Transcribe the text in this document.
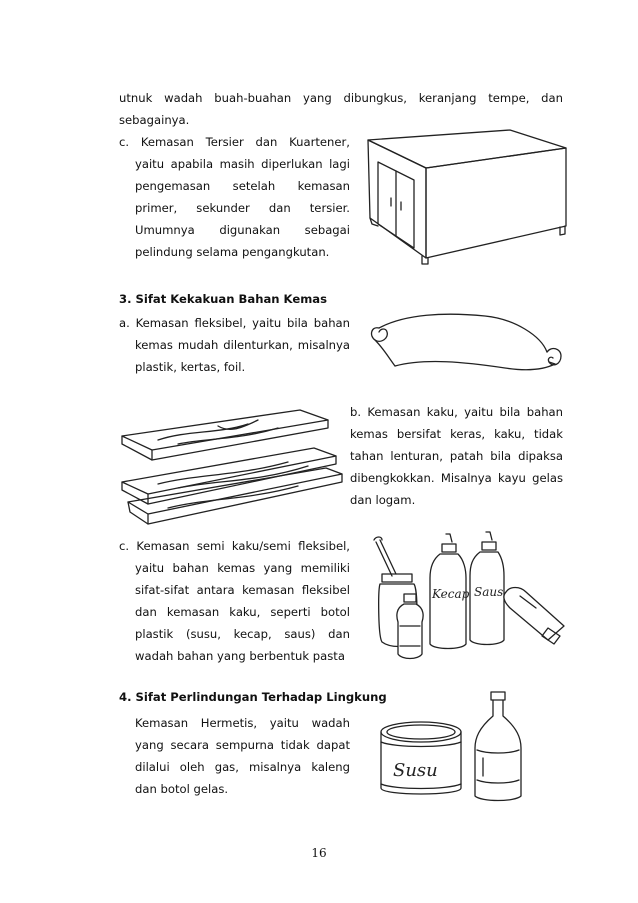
utnuk wadah buah-buahan yang dibungkus, keranjang tempe, dan
sebagainya.
c. Kemasan Tersier dan Kuartener,
yaitu apabila masih diperlukan lagi
pengemasan setelah kemasan
primer, sekunder dan tersier.
Umumnya digunakan sebagai
pelindung selama pengangkutan.
3. Sifat Kekakuan Bahan Kemas
a. Kemasan fleksibel, yaitu bila bahan
kemas mudah dilenturkan, misalnya
plastik, kertas, foil.
b. Kemasan kaku, yaitu bila bahan
kemas bersifat keras, kaku, tidak
tahan lenturan, patah bila dipaksa
dibengkokkan. Misalnya kayu gelas
dan logam.
c. Kemasan semi kaku/semi fleksibel,
yaitu bahan kemas yang memiliki
sifat-sifat antara kemasan fleksibel
dan kemasan kaku, seperti botol
plastik (susu, kecap, saus) dan
wadah bahan yang berbentuk pasta
Kecap Saus
4. Sifat Perlindungan Terhadap Lingkung
Kemasan Hermetis, yaitu wadah
yang secara sempurna tidak dapat
dilalui oleh gas, misalnya kaleng
dan botol gelas.
Susu
16
